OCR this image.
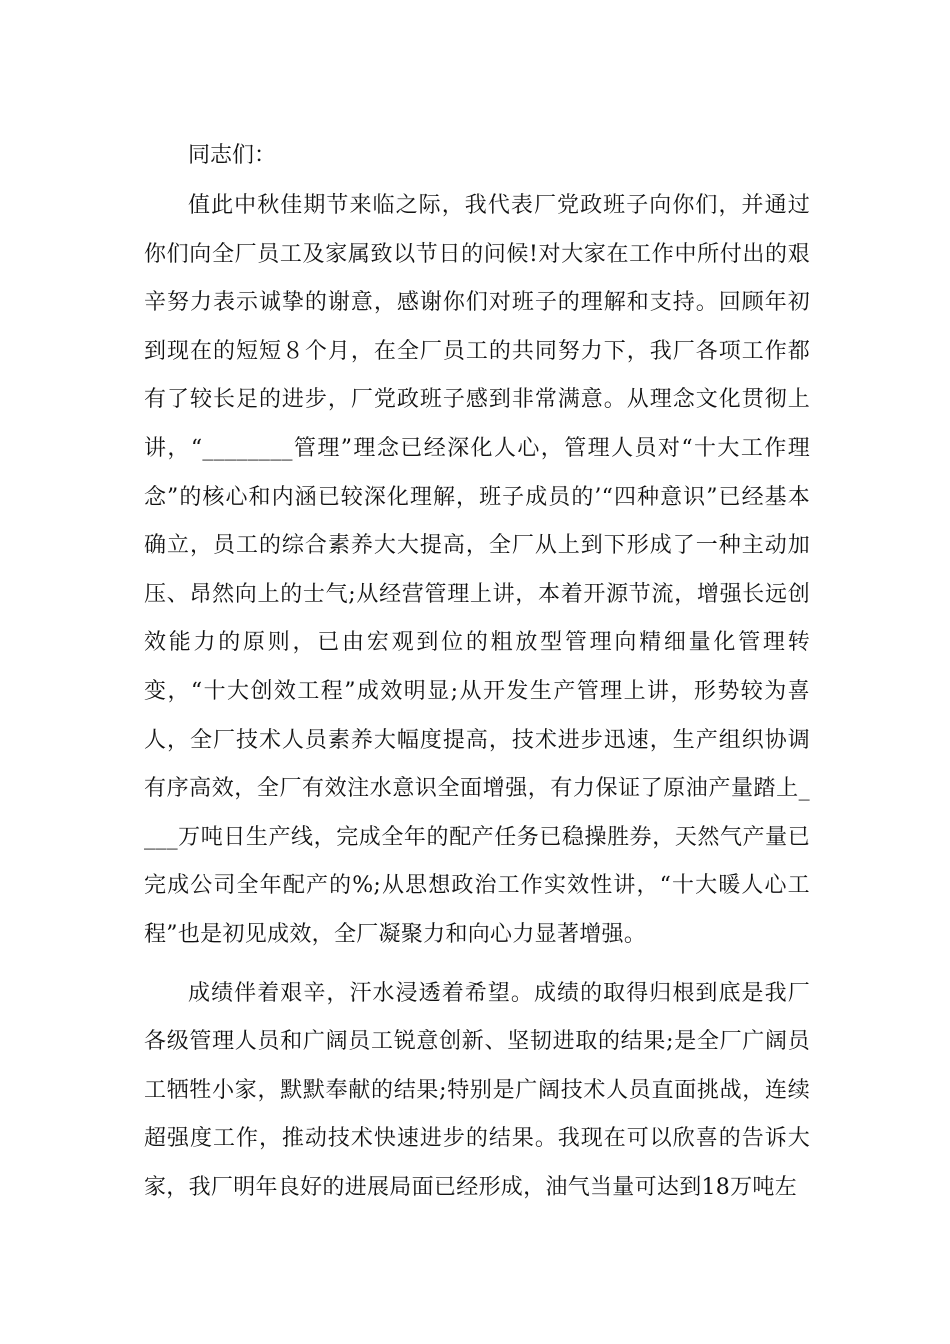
同志们：

值此中秋佳期节来临之际，我代表厂党政班子向你们，并通过你们向全厂员工及家属致以节日的问候!对大家在工作中所付出的艰辛努力表示诚挚的谢意，感谢你们对班子的理解和支持。回顾年初到现在的短短８个月，在全厂员工的共同努力下，我厂各项工作都有了较长足的进步，厂党政班子感到非常满意。从理念文化贯彻上讲，“________管理”理念已经深化人心，管理人员对“十大工作理念”的核心和内涵已较深化理解，班子成员的’“四种意识”已经基本确立，员工的综合素养大大提高，全厂从上到下形成了一种主动加压、昂然向上的士气;从经营管理上讲，本着开源节流，增强长远创效能力的原则，已由宏观到位的粗放型管理向精细量化管理转变，“十大创效工程”成效明显;从开发生产管理上讲，形势较为喜人，全厂技术人员素养大幅度提高，技术进步迅速，生产组织协调有序高效，全厂有效注水意识全面增强，有力保证了原油产量踏上____万吨日生产线，完成全年的配产任务已稳操胜券，天然气产量已完成公司全年配产的%;从思想政治工作实效性讲，“十大暖人心工程”也是初见成效，全厂凝聚力和向心力显著增强。

成绩伴着艰辛，汗水浸透着希望。成绩的取得归根到底是我厂各级管理人员和广阔员工锐意创新、坚韧进取的结果;是全厂广阔员工牺牲小家，默默奉献的结果;特别是广阔技术人员直面挑战，连续超强度工作，推动技术快速进步的结果。我现在可以欣喜的告诉大家，我厂明年良好的进展局面已经形成，油气当量可达到18万吨左
